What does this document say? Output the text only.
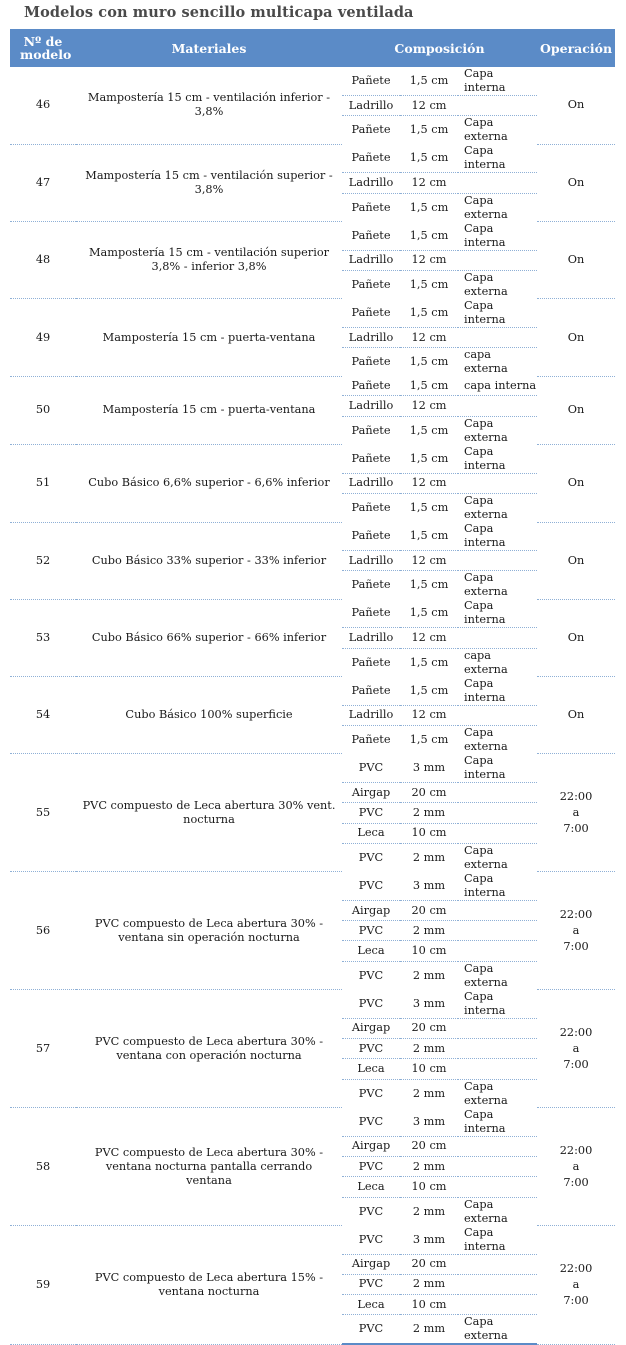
Modelos con muro sencillo multicapa ventilada
Nº de modelo	Materiales	Composición			Operación
46	Mampostería 15 cm - ventilación inferior - 3,8%	Pañete	1,5 cm	Capa interna	On
		Ladrillo	12 cm		
		Pañete	1,5 cm	Capa externa	
47	Mampostería 15 cm - ventilación superior - 3,8%	Pañete	1,5 cm	Capa interna	On
		Ladrillo	12 cm		
		Pañete	1,5 cm	Capa externa	
48	Mampostería 15 cm - ventilación superior 3,8% - inferior 3,8%	Pañete	1,5 cm	Capa interna	On
		Ladrillo	12 cm		
		Pañete	1,5 cm	Capa externa	
49	Mampostería 15 cm - puerta-ventana	Pañete	1,5 cm	Capa interna	On
		Ladrillo	12 cm		
		Pañete	1,5 cm	capa externa	
50	Mampostería 15 cm - puerta-ventana	Pañete	1,5 cm	capa interna	On
		Ladrillo	12 cm		
		Pañete	1,5 cm	Capa externa	
51	Cubo Básico 6,6% superior - 6,6% inferior	Pañete	1,5 cm	Capa interna	On
		Ladrillo	12 cm		
		Pañete	1,5 cm	Capa externa	
52	Cubo Básico 33% superior - 33% inferior	Pañete	1,5 cm	Capa interna	On
		Ladrillo	12 cm		
		Pañete	1,5 cm	Capa externa	
53	Cubo Básico 66% superior - 66% inferior	Pañete	1,5 cm	Capa interna	On
		Ladrillo	12 cm		
		Pañete	1,5 cm	capa externa	
54	Cubo Básico 100% superficie	Pañete	1,5 cm	Capa interna	On
		Ladrillo	12 cm		
		Pañete	1,5 cm	Capa externa	
55	PVC compuesto de Leca abertura 30% vent. nocturna	PVC	3 mm	Capa interna	22:00
a
7:00

		Airgap	20 cm		
		PVC	2 mm		
		Leca	10 cm		
		PVC	2 mm	Capa externa	
56	PVC compuesto de Leca abertura 30% - ventana sin operación nocturna	PVC	3 mm	Capa interna	22:00
a
7:00

		Airgap	20 cm		
		PVC	2 mm		
		Leca	10 cm		
		PVC	2 mm	Capa externa	
57	PVC compuesto de Leca abertura 30% - ventana con operación nocturna	PVC	3 mm	Capa interna	22:00
a
7:00

		Airgap	20 cm		
		PVC	2 mm		
		Leca	10 cm		
		PVC	2 mm	Capa externa	
58	PVC compuesto de Leca abertura 30% - ventana nocturna pantalla cerrando ventana	PVC	3 mm	Capa interna	22:00
a
7:00

		Airgap	20 cm		
		PVC	2 mm		
		Leca	10 cm		
		PVC	2 mm	Capa externa	
59	PVC compuesto de Leca abertura 15% - ventana nocturna	PVC	3 mm	Capa interna	22:00
a
7:00

		Airgap	20 cm		
		PVC	2 mm		
		Leca	10 cm		
		PVC	2 mm	Capa externa	
